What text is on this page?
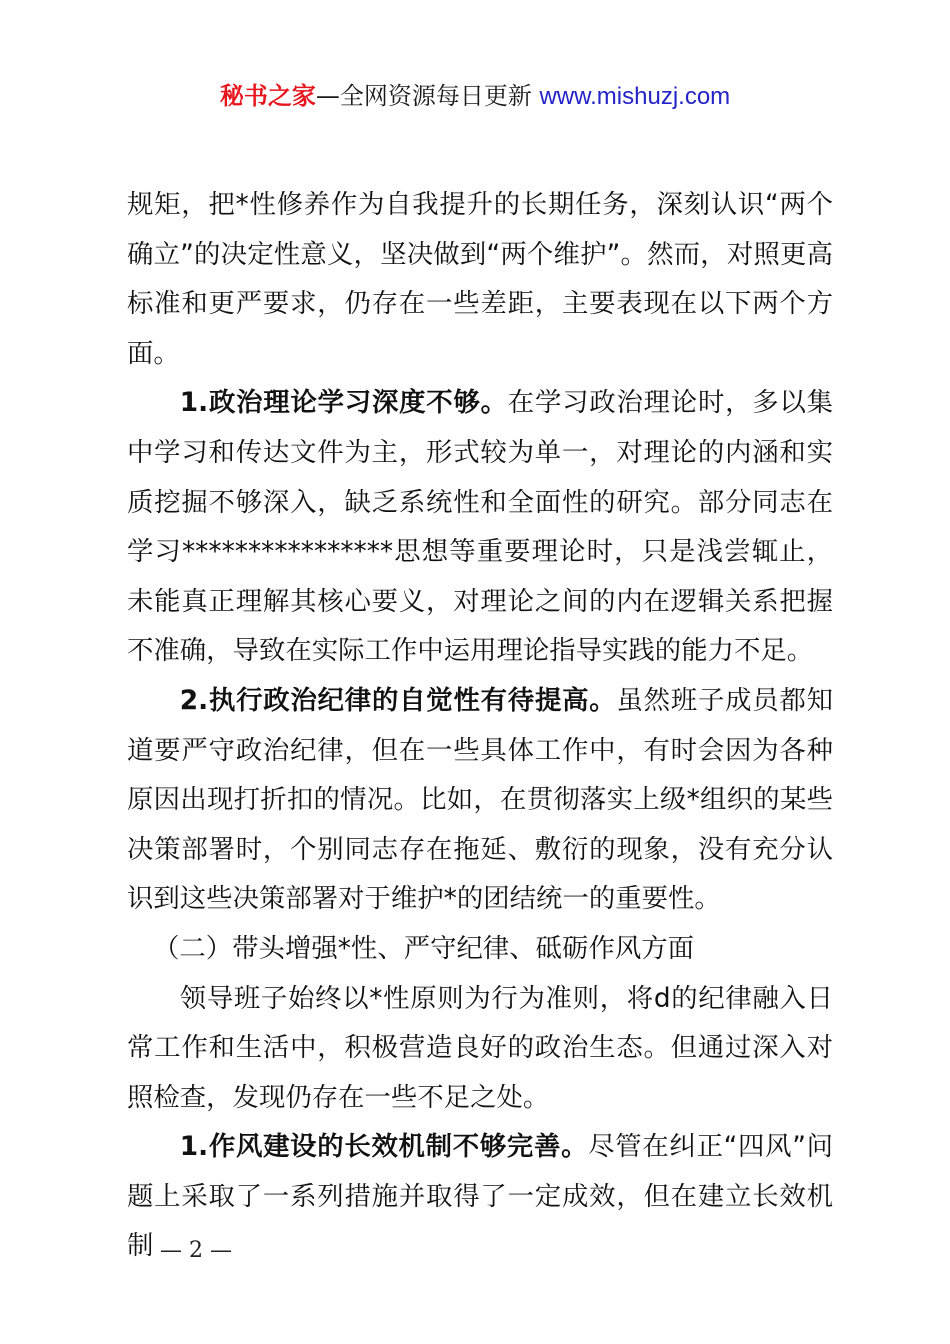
秘书之家—全网资源每日更新 www.mishuzj.com

规矩，把*性修养作为自我提升的长期任务，深刻认识“两个确立”的决定性意义，坚决做到“两个维护”。然而，对照更高标准和更严要求，仍存在一些差距，主要表现在以下两个方面。

1.政治理论学习深度不够。在学习政治理论时，多以集中学习和传达文件为主，形式较为单一，对理论的内涵和实质挖掘不够深入，缺乏系统性和全面性的研究。部分同志在学习****************思想等重要理论时，只是浅尝辄止，未能真正理解其核心要义，对理论之间的内在逻辑关系把握不准确，导致在实际工作中运用理论指导实践的能力不足。

2.执行政治纪律的自觉性有待提高。虽然班子成员都知道要严守政治纪律，但在一些具体工作中，有时会因为各种原因出现打折扣的情况。比如，在贯彻落实上级*组织的某些决策部署时，个别同志存在拖延、敷衍的现象，没有充分认识到这些决策部署对于维护*的团结统一的重要性。

（二）带头增强*性、严守纪律、砥砺作风方面

领导班子始终以*性原则为行为准则，将d的纪律融入日常工作和生活中，积极营造良好的政治生态。但通过深入对照检查，发现仍存在一些不足之处。

1.作风建设的长效机制不够完善。尽管在纠正“四风”问题上采取了一系列措施并取得了一定成效，但在建立长效机制 — 2 —
